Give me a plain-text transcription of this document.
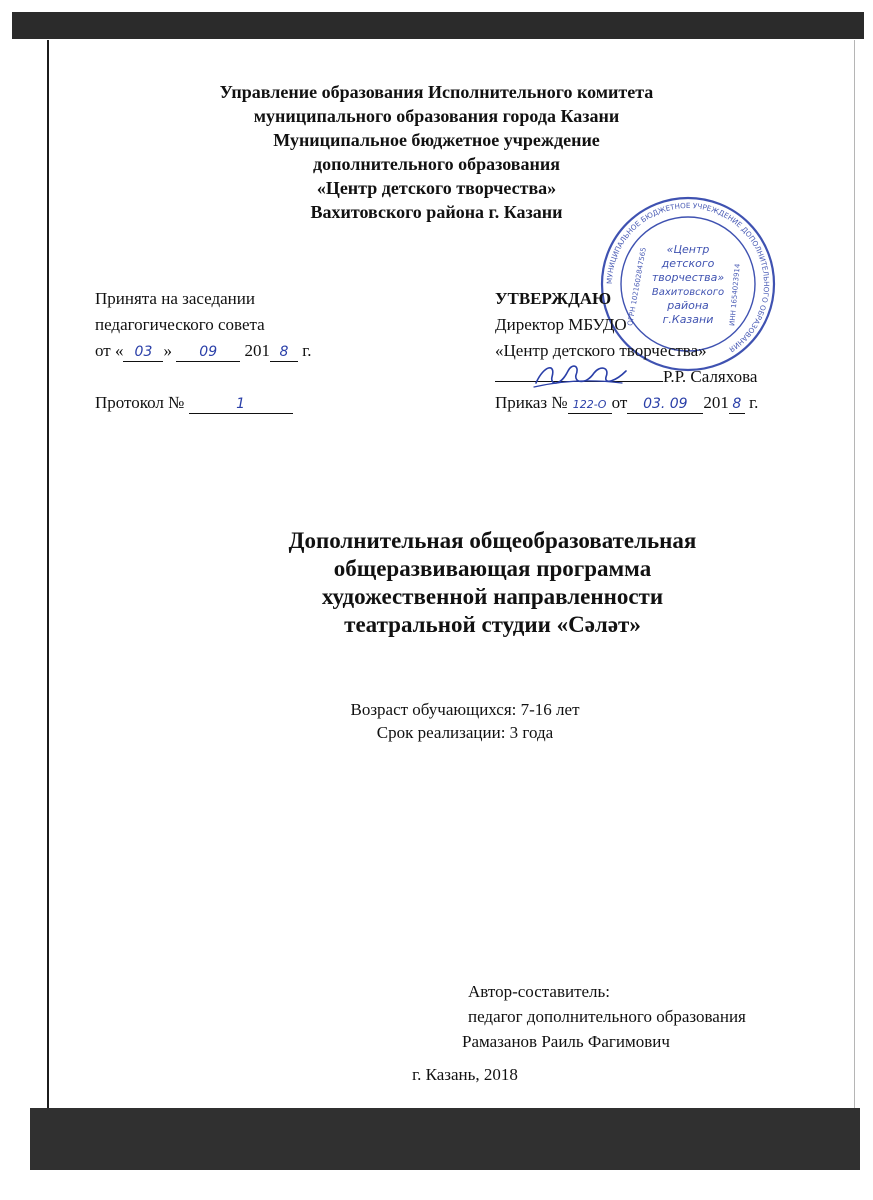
Управление образования Исполнительного комитета
муниципального образования города Казани
Муниципальное бюджетное учреждение
дополнительного образования
«Центр детского творчества»
Вахитовского района г. Казани
МУНИЦИПАЛЬНОЕ БЮДЖЕТНОЕ УЧРЕЖДЕНИЕ ДОПОЛНИТЕЛЬНОГО ОБРАЗОВАНИЯ
«Центр
детского
творчества»
Вахитовского
района
г.Казани
ОГРН 1021602847565	ИНН 1654023914
Принята на заседании
педагогического совета
от « 03 » 09 201 8 г.
Протокол №	1
УТВЕРЖДАЮ
Директор МБУДО
«Центр детского творчества»
Р.Р. Саляхова
Приказ № 122-О от 03. 09 201 8 г.
Дополнительная общеобразовательная
общеразвивающая программа
художественной направленности
театральной студии «Сәләт»
Возраст обучающихся: 7-16 лет
Срок реализации: 3 года
Автор-составитель:
педагог дополнительного образования
Рамазанов Раиль Фагимович
г. Казань, 2018
